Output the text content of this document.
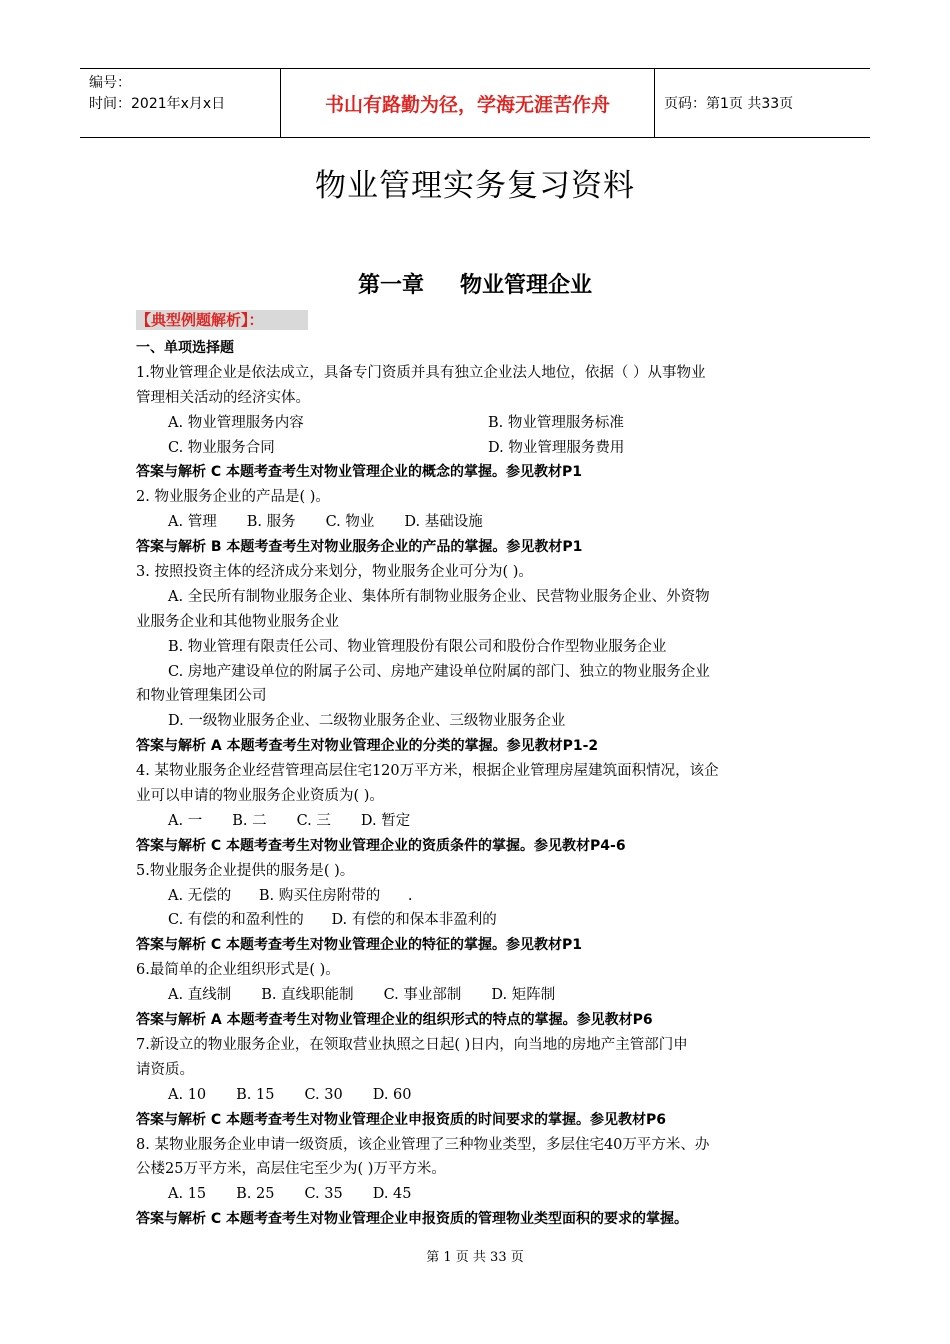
编号：
时间：2021年x月x日	书山有路勤为径，学海无涯苦作舟	页码：第1页 共33页
物业管理实务复习资料
第一章 物业管理企业
【典型例题解析】：
一、单项选择题
1.物业管理企业是依法成立，具备专门资质并具有独立企业法人地位，依据（ ）从事物业
管理相关活动的经济实体。
A. 物业管理服务内容	B. 物业管理服务标准
C. 物业服务合同	D. 物业管理服务费用
答案与解析 C 本题考查考生对物业管理企业的概念的掌握。参见教材P1
2. 物业服务企业的产品是( )。
A. 管理 B. 服务 C. 物业 D. 基础设施
答案与解析 B 本题考查考生对物业服务企业的产品的掌握。参见教材P1
3. 按照投资主体的经济成分来划分，物业服务企业可分为( )。
A. 全民所有制物业服务企业、集体所有制物业服务企业、民营物业服务企业、外资物
业服务企业和其他物业服务企业
B. 物业管理有限责任公司、物业管理股份有限公司和股份合作型物业服务企业
C. 房地产建设单位的附属子公司、房地产建设单位附属的部门、独立的物业服务企业
和物业管理集团公司
D. 一级物业服务企业、二级物业服务企业、三级物业服务企业
答案与解析 A 本题考查考生对物业管理企业的分类的掌握。参见教材P1-2
4. 某物业服务企业经营管理高层住宅120万平方米，根据企业管理房屋建筑面积情况，该企
业可以申请的物业服务企业资质为( )。
A. 一 B. 二 C. 三 D. 暂定
答案与解析 C 本题考查考生对物业管理企业的资质条件的掌握。参见教材P4-6
5.物业服务企业提供的服务是( )。
A. 无偿的      B. 购买住房附带的      .
C. 有偿的和盈利性的      D. 有偿的和保本非盈利的
答案与解析 C 本题考查考生对物业管理企业的特征的掌握。参见教材P1
6.最简单的企业组织形式是( )。
A. 直线制 B. 直线职能制 C. 事业部制 D. 矩阵制
答案与解析 A 本题考查考生对物业管理企业的组织形式的特点的掌握。参见教材P6
7.新设立的物业服务企业，在领取营业执照之日起( )日内，向当地的房地产主管部门申
请资质。
A. 10 B. 15 C. 30 D. 60
答案与解析 C 本题考查考生对物业管理企业申报资质的时间要求的掌握。参见教材P6
8. 某物业服务企业申请一级资质，该企业管理了三种物业类型，多层住宅40万平方米、办
公楼25万平方米，高层住宅至少为( )万平方米。
A. 15 B. 25 C. 35 D. 45
答案与解析 C 本题考查考生对物业管理企业申报资质的管理物业类型面积的要求的掌握。
第 1 页 共 33 页
